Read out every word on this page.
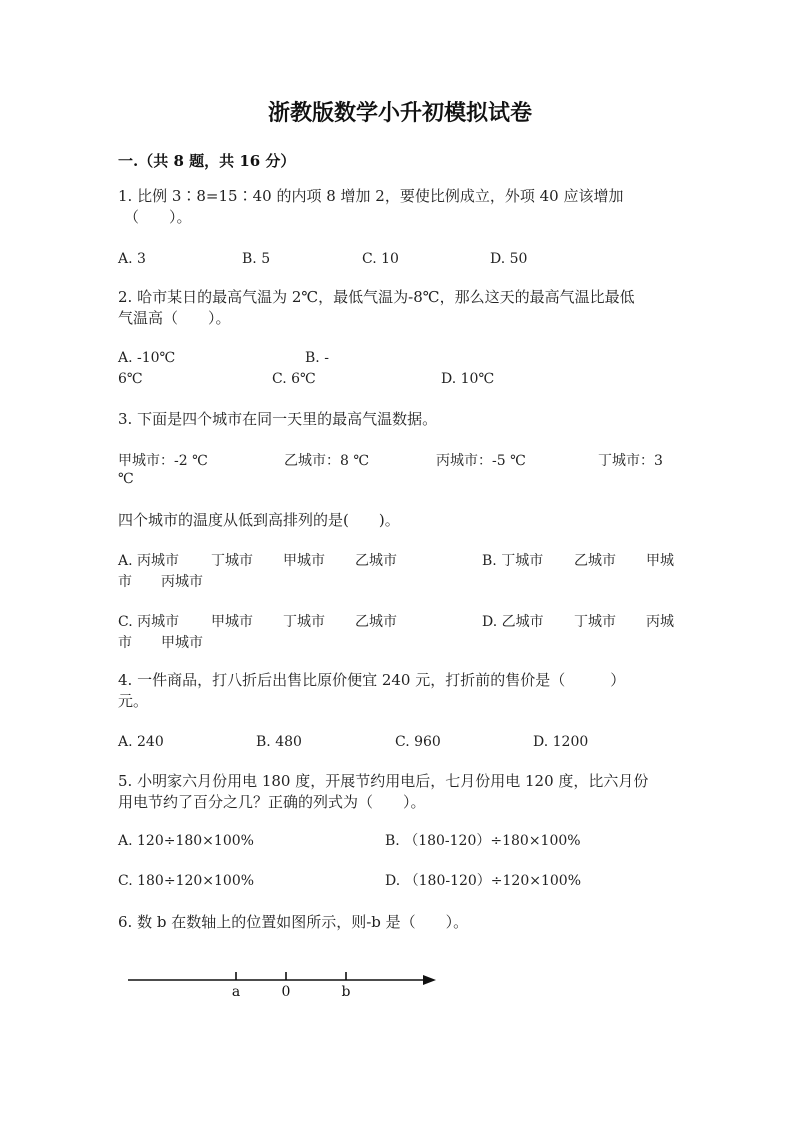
浙教版数学小升初模拟试卷
一.（共 8 题，共 16 分）
1. 比例 3∶8=15∶40 的内项 8 增加 2，要使比例成立，外项 40 应该增加
（　　）。
A. 3	B. 5	C. 10	D. 50
2. 哈市某日的最高气温为 2℃，最低气温为-8℃，那么这天的最高气温比最低
气温高（　　）。
A. -10℃	B. -
6℃	C. 6℃	D. 10℃
3. 下面是四个城市在同一天里的最高气温数据。
甲城市：-2 ℃	乙城市：8 ℃	丙城市：-5 ℃	丁城市：3
℃
四个城市的温度从低到高排列的是(　　)。
A. 丙城市 丁城市 甲城市 乙城市	B. 丁城市 乙城市 甲城
市 丙城市
C. 丙城市 甲城市 丁城市 乙城市	D. 乙城市 丁城市 丙城
市 甲城市
4. 一件商品，打八折后出售比原价便宜 240 元，打折前的售价是（　　　）
元。
A. 240	B. 480	C. 960	D. 1200
5. 小明家六月份用电 180 度，开展节约用电后，七月份用电 120 度，比六月份
用电节约了百分之几？正确的列式为（　　）。
A. 120÷180×100%	B. （180-120）÷180×100%
C. 180÷120×100%	D. （180-120）÷120×100%
6. 数 b 在数轴上的位置如图所示，则-b 是（　　）。
a	0	b
